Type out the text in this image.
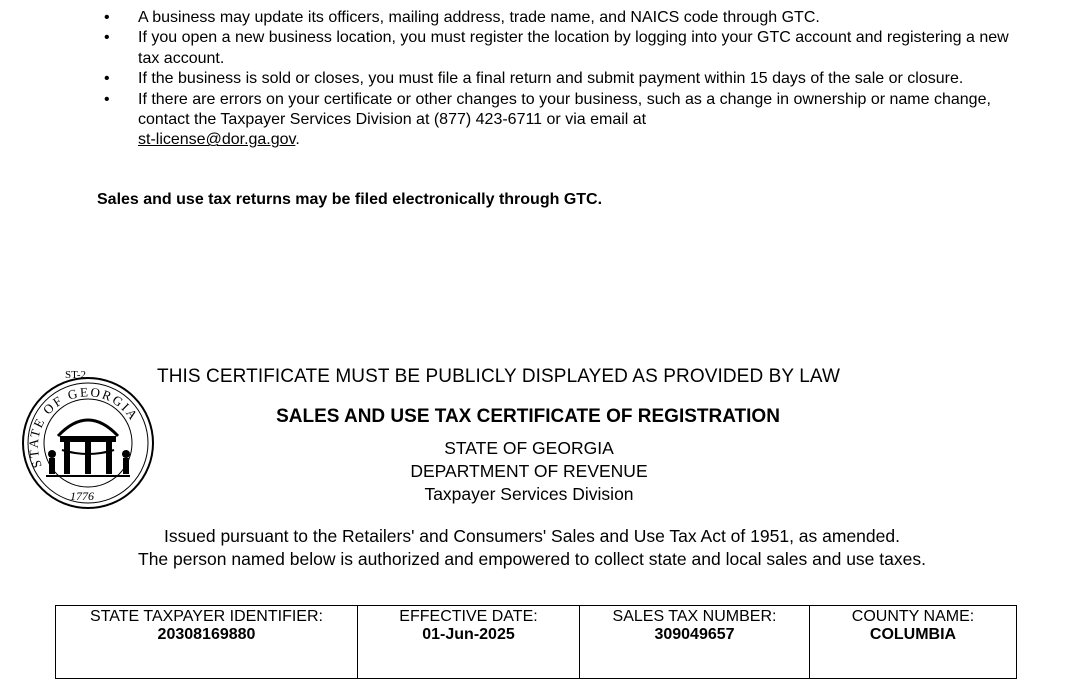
• A business may update its officers, mailing address, trade name, and NAICS code through GTC.
• If you open a new business location, you must register the location by logging into your GTC account and registering a new tax account.
• If the business is sold or closes, you must file a final return and submit payment within 15 days of the sale or closure.
• If there are errors on your certificate or other changes to your business, such as a change in ownership or name change, contact the Taxpayer Services Division at (877) 423-6711 or via email at
st-license@dor.ga.gov.
Sales and use tax returns may be filed electronically through GTC.
ST-2
STATE OF GEORGIA
1776
THIS CERTIFICATE MUST BE PUBLICLY DISPLAYED AS PROVIDED BY LAW
SALES AND USE TAX CERTIFICATE OF REGISTRATION
STATE OF GEORGIA
DEPARTMENT OF REVENUE
Taxpayer Services Division
Issued pursuant to the Retailers' and Consumers' Sales and Use Tax Act of 1951, as amended.
The person named below is authorized and empowered to collect state and local sales and use taxes.
STATE TAXPAYER IDENTIFIER:
20308169880

EFFECTIVE DATE:
01-Jun-2025

SALES TAX NUMBER:
309049657

COUNTY NAME:
COLUMBIA
